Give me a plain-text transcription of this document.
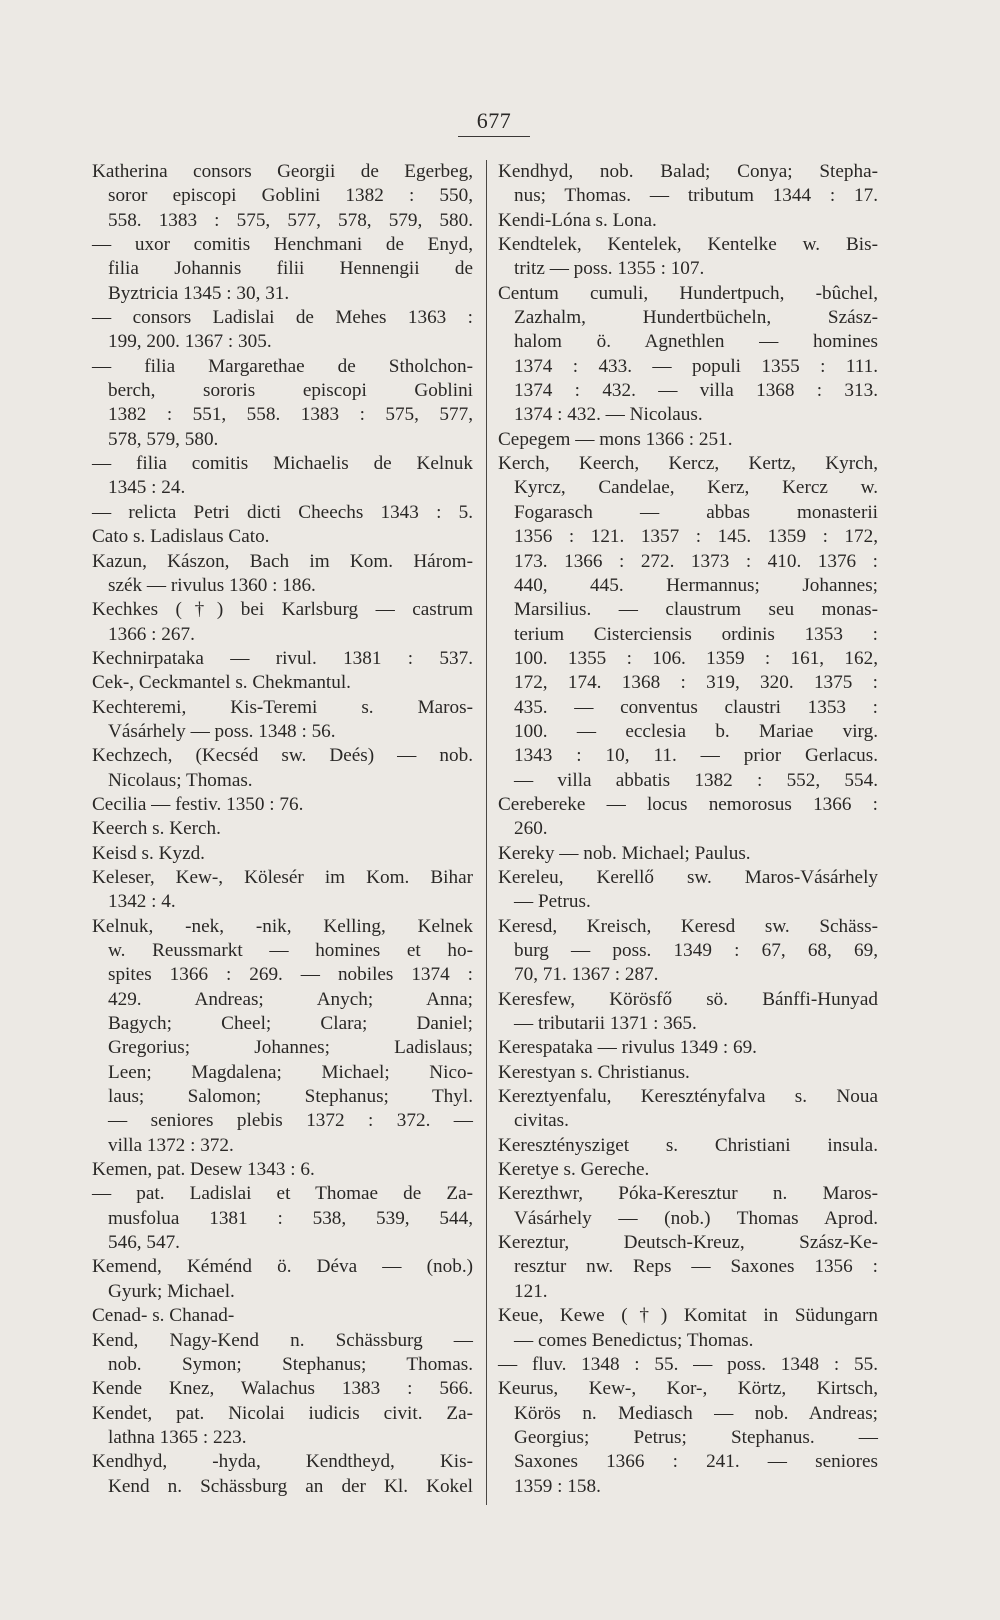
677
Katherina consors Georgii de Egerbeg,
soror episcopi Goblini 1382 : 550,
558. 1383 : 575, 577, 578, 579, 580.
— uxor comitis Henchmani de Enyd,
filia Johannis filii Hennengii de
Byztricia 1345 : 30, 31.
— consors Ladislai de Mehes 1363 :
199, 200. 1367 : 305.
— filia Margarethae de Stholchon-
berch, sororis episcopi Goblini
1382 : 551, 558. 1383 : 575, 577,
578, 579, 580.
— filia comitis Michaelis de Kelnuk
1345 : 24.
— relicta Petri dicti Cheechs 1343 : 5.
Cato s. Ladislaus Cato.
Kazun, Kászon, Bach im Kom. Három-
szék — rivulus 1360 : 186.
Kechkes (†) bei Karlsburg — castrum
1366 : 267.
Kechnirpataka — rivul. 1381 : 537.
Cek-, Ceckmantel s. Chekmantul.
Kechteremi, Kis-Teremi s. Maros-
Vásárhely — poss. 1348 : 56.
Kechzech, (Kecséd sw. Deés) — nob.
Nicolaus; Thomas.
Cecilia — festiv. 1350 : 76.
Keerch s. Kerch.
Keisd s. Kyzd.
Keleser, Kew-, Kölesér im Kom. Bihar
1342 : 4.
Kelnuk, -nek, -nik, Kelling, Kelnek
w. Reussmarkt — homines et ho-
spites 1366 : 269. — nobiles 1374 :
429. Andreas; Anych; Anna;
Bagych; Cheel; Clara; Daniel;
Gregorius; Johannes; Ladislaus;
Leen; Magdalena; Michael; Nico-
laus; Salomon; Stephanus; Thyl.
— seniores plebis 1372 : 372. —
villa 1372 : 372.
Kemen, pat. Desew 1343 : 6.
— pat. Ladislai et Thomae de Za-
musfolua 1381 : 538, 539, 544,
546, 547.
Kemend, Kéménd ö. Déva — (nob.)
Gyurk; Michael.
Cenad- s. Chanad-
Kend, Nagy-Kend n. Schässburg —
nob. Symon; Stephanus; Thomas.
Kende Knez, Walachus 1383 : 566.
Kendet, pat. Nicolai iudicis civit. Za-
lathna 1365 : 223.
Kendhyd, -hyda, Kendtheyd, Kis-
Kend n. Schässburg an der Kl. Kokel
Kendhyd, nob. Balad; Conya; Stepha-
nus; Thomas. — tributum 1344 : 17.
Kendi-Lóna s. Lona.
Kendtelek, Kentelek, Kentelke w. Bis-
tritz — poss. 1355 : 107.
Centum cumuli, Hundertpuch, -bûchel,
Zazhalm, Hundertbücheln, Szász-
halom ö. Agnethlen — homines
1374 : 433. — populi 1355 : 111.
1374 : 432. — villa 1368 : 313.
1374 : 432. — Nicolaus.
Cepegem — mons 1366 : 251.
Kerch, Keerch, Kercz, Kertz, Kyrch,
Kyrcz, Candelae, Kerz, Kercz w.
Fogarasch — abbas monasterii
1356 : 121. 1357 : 145. 1359 : 172,
173. 1366 : 272. 1373 : 410. 1376 :
440, 445. Hermannus; Johannes;
Marsilius. — claustrum seu monas-
terium Cisterciensis ordinis 1353 :
100. 1355 : 106. 1359 : 161, 162,
172, 174. 1368 : 319, 320. 1375 :
435. — conventus claustri 1353 :
100. — ecclesia b. Mariae virg.
1343 : 10, 11. — prior Gerlacus.
— villa abbatis 1382 : 552, 554.
Cerebereke — locus nemorosus 1366 :
260.
Kereky — nob. Michael; Paulus.
Kereleu, Kerellő sw. Maros-Vásárhely
— Petrus.
Keresd, Kreisch, Keresd sw. Schäss-
burg — poss. 1349 : 67, 68, 69,
70, 71. 1367 : 287.
Keresfew, Körösfő sö. Bánffi-Hunyad
— tributarii 1371 : 365.
Kerespataka — rivulus 1349 : 69.
Kerestyan s. Christianus.
Kereztyenfalu, Keresztényfalva s. Noua
civitas.
Kereszténysziget s. Christiani insula.
Keretye s. Gereche.
Kerezthwr, Póka-Keresztur n. Maros-
Vásárhely — (nob.) Thomas Aprod.
Kereztur, Deutsch-Kreuz, Szász-Ke-
resztur nw. Reps — Saxones 1356 :
121.
Keue, Kewe (†) Komitat in Südungarn
— comes Benedictus; Thomas.
— fluv. 1348 : 55. — poss. 1348 : 55.
Keurus, Kew-, Kor-, Körtz, Kirtsch,
Körös n. Mediasch — nob. Andreas;
Georgius; Petrus; Stephanus. —
Saxones 1366 : 241. — seniores
1359 : 158.
